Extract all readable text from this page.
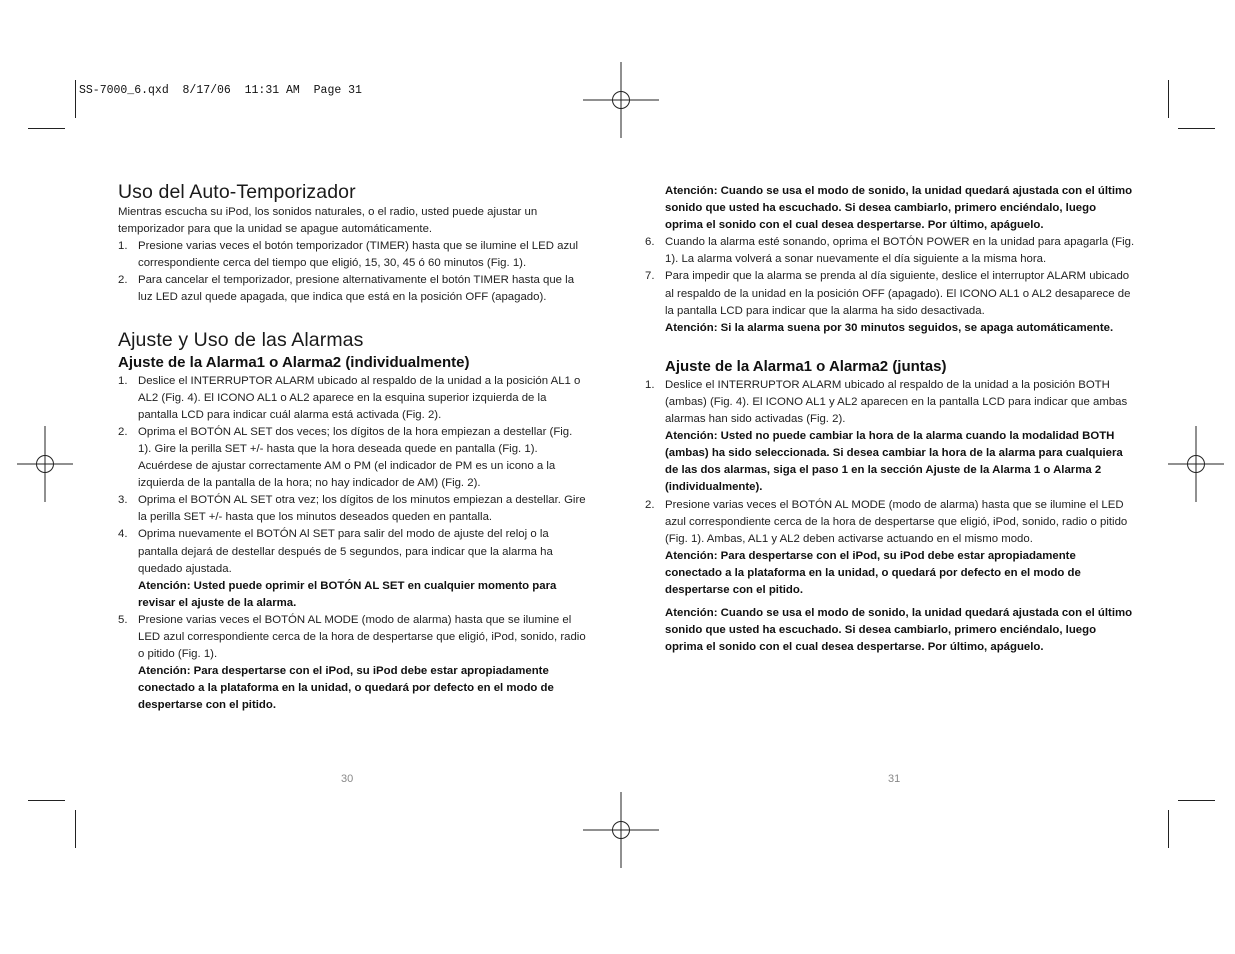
SS-7000_6.qxd  8/17/06  11:31 AM  Page 31
Uso del Auto-Temporizador

Mientras escucha su iPod, los sonidos naturales, o el radio, usted puede ajustar un temporizador para que la unidad se apague automáticamente.

1. Presione varias veces el botón temporizador (TIMER) hasta que se ilumine el LED azul correspondiente cerca del tiempo que eligió, 15, 30, 45 ó 60 minutos (Fig. 1).
2. Para cancelar el temporizador, presione alternativamente el botón TIMER hasta que la luz LED azul quede apagada, que indica que está en la posición OFF (apagado).
Ajuste y Uso de las Alarmas
Ajuste de la Alarma1 o Alarma2 (individualmente)
1. Deslice el INTERRUPTOR ALARM ubicado al respaldo de la unidad a la posición AL1 o AL2 (Fig. 4). El ICONO AL1 o AL2 aparece en la esquina superior izquierda de la pantalla LCD para indicar cuál alarma está activada (Fig. 2).
2. Oprima el BOTÓN AL SET dos veces; los dígitos de la hora empiezan a destellar (Fig. 1). Gire la perilla SET +/- hasta que la hora deseada quede en pantalla (Fig. 1). Acuérdese de ajustar correctamente AM o PM (el indicador de PM es un icono a la izquierda de la pantalla de la hora; no hay indicador de AM) (Fig. 2).
3. Oprima el BOTÓN AL SET otra vez; los dígitos de los minutos empiezan a destellar. Gire la perilla SET +/- hasta que los minutos deseados queden en pantalla.
4. Oprima nuevamente el BOTÓN Al SET para salir del modo de ajuste del reloj o la pantalla dejará de destellar después de 5 segundos, para indicar que la alarma ha quedado ajustada.
Atención: Usted puede oprimir el BOTÓN AL SET en cualquier momento para revisar el ajuste de la alarma.
5. Presione varias veces el BOTÓN AL MODE (modo de alarma) hasta que se ilumine el LED azul correspondiente cerca de la hora de despertarse que eligió, iPod, sonido, radio o pitido (Fig. 1).
Atención: Para despertarse con el iPod, su iPod debe estar apropiadamente conectado a la plataforma en la unidad, o quedará por defecto en el modo de despertarse con el pitido.
30
Atención: Cuando se usa el modo de sonido, la unidad quedará ajustada con el último sonido que usted ha escuchado. Si desea cambiarlo, primero enciéndalo, luego oprima el sonido con el cual desea despertarse. Por último, apáguelo.
6. Cuando la alarma esté sonando, oprima el BOTÓN POWER en la unidad para apagarla (Fig. 1). La alarma volverá a sonar nuevamente el día siguiente a la misma hora.
7. Para impedir que la alarma se prenda al día siguiente, deslice el interruptor ALARM ubicado al respaldo de la unidad en la posición OFF (apagado). El ICONO AL1 o AL2 desaparece de la pantalla LCD para indicar que la alarma ha sido desactivada.
Atención: Si la alarma suena por 30 minutos seguidos, se apaga automáticamente.
Ajuste de la Alarma1 o Alarma2 (juntas)
1. Deslice el INTERRUPTOR ALARM ubicado al respaldo de la unidad a la posición BOTH (ambas) (Fig. 4). El ICONO AL1 y AL2 aparecen en la pantalla LCD para indicar que ambas alarmas han sido activadas (Fig. 2).
Atención: Usted no puede cambiar la hora de la alarma cuando la modalidad BOTH (ambas) ha sido seleccionada. Si desea cambiar la hora de la alarma para cualquiera de las dos alarmas, siga el paso 1 en la sección Ajuste de la Alarma 1 o Alarma 2 (individualmente).
2. Presione varias veces el BOTÓN AL MODE (modo de alarma) hasta que se ilumine el LED azul correspondiente cerca de la hora de despertarse que eligió, iPod, sonido, radio o pitido (Fig. 1). Ambas, AL1 y AL2 deben activarse actuando en el mismo modo.
Atención: Para despertarse con el iPod, su iPod debe estar apropiadamente conectado a la plataforma en la unidad, o quedará por defecto en el modo de despertarse con el pitido.
Atención: Cuando se usa el modo de sonido, la unidad quedará ajustada con el último sonido que usted ha escuchado. Si desea cambiarlo, primero enciéndalo, luego oprima el sonido con el cual desea despertarse. Por último, apáguelo.
31
